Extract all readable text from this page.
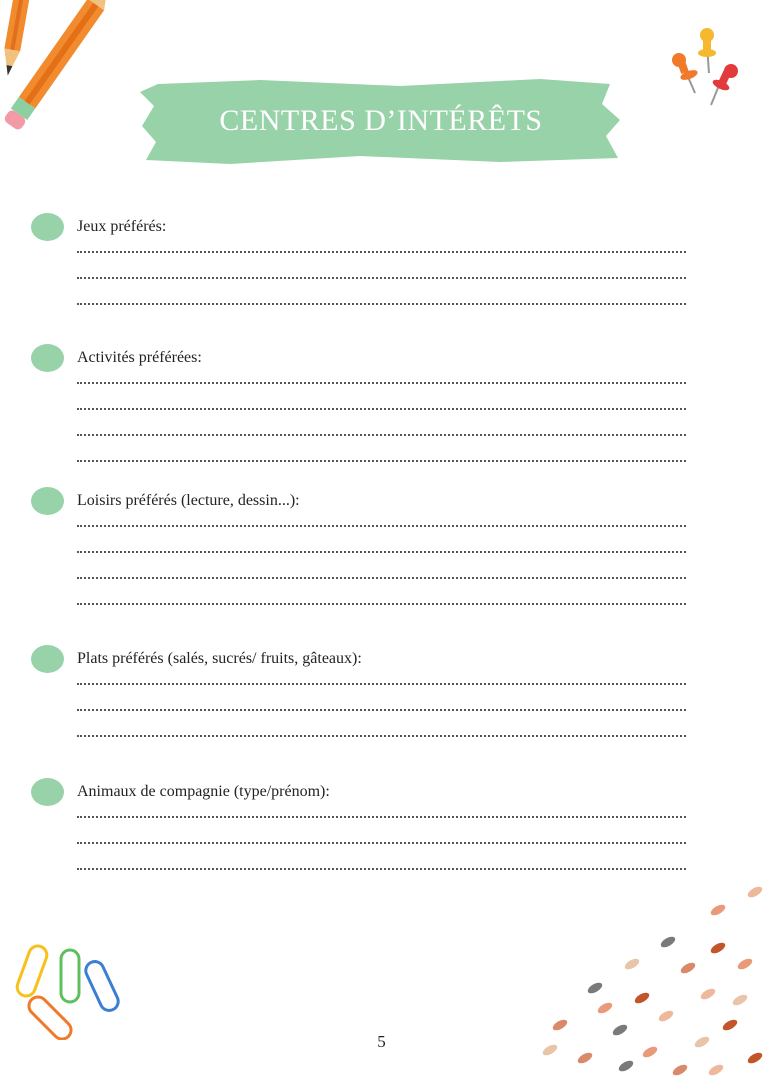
CENTRES D’INTÉRÊTS
Jeux préférés:
Activités préférées:
Loisirs préférés (lecture, dessin...):
Plats préférés (salés, sucrés/ fruits, gâteaux):
Animaux de compagnie (type/prénom):
5
